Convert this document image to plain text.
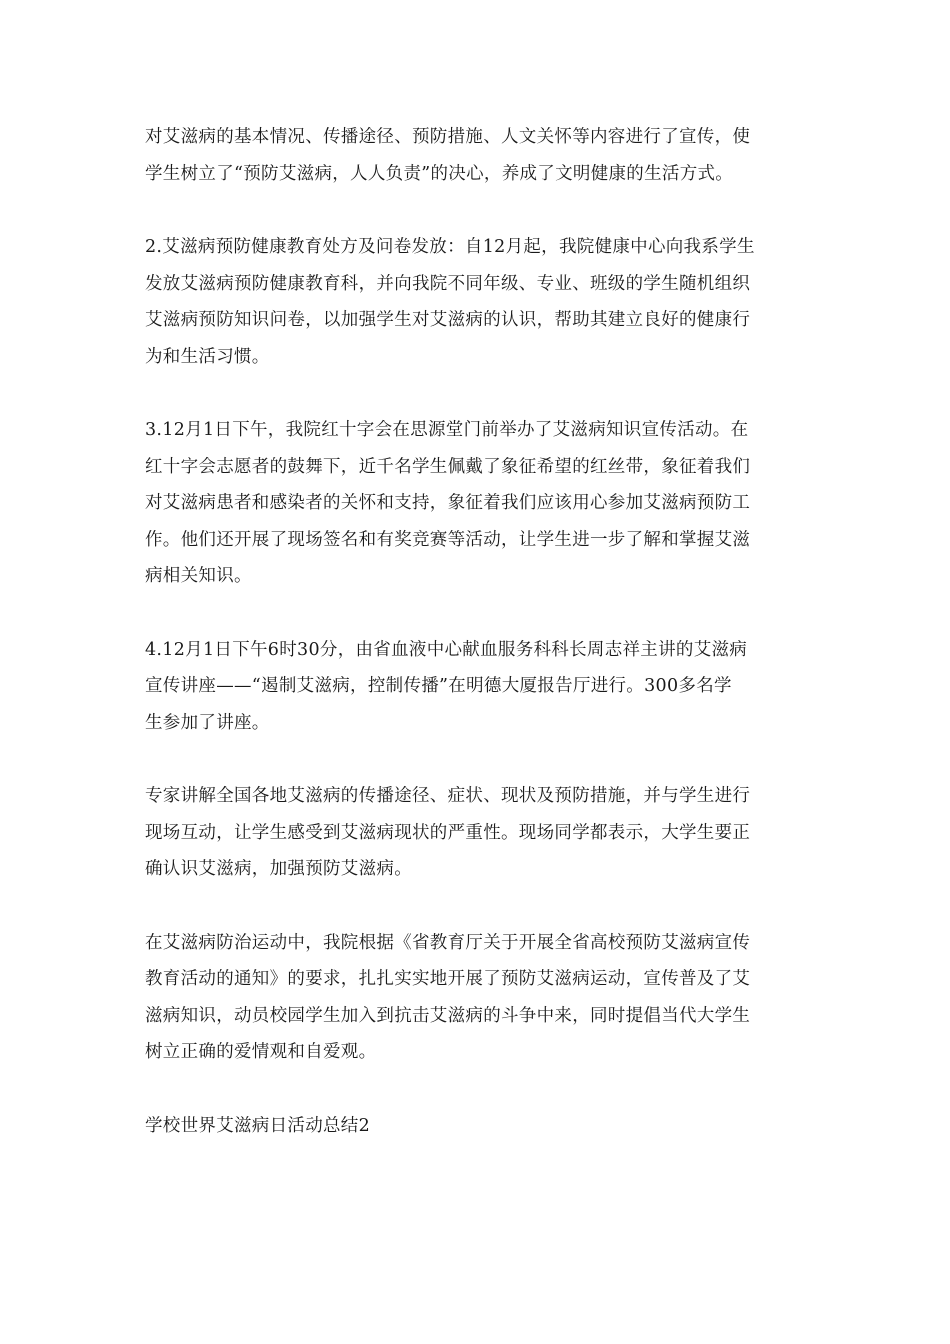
对艾滋病的基本情况、传播途径、预防措施、人文关怀等内容进行了宣传，使
学生树立了“预防艾滋病，人人负责”的决心，养成了文明健康的生活方式。

2.艾滋病预防健康教育处方及问卷发放：自12月起，我院健康中心向我系学生
发放艾滋病预防健康教育科，并向我院不同年级、专业、班级的学生随机组织
艾滋病预防知识问卷，以加强学生对艾滋病的认识，帮助其建立良好的健康行
为和生活习惯。

3.12月1日下午，我院红十字会在思源堂门前举办了艾滋病知识宣传活动。在
红十字会志愿者的鼓舞下，近千名学生佩戴了象征希望的红丝带，象征着我们
对艾滋病患者和感染者的关怀和支持，象征着我们应该用心参加艾滋病预防工
作。他们还开展了现场签名和有奖竞赛等活动，让学生进一步了解和掌握艾滋
病相关知识。

4.12月1日下午6时30分，由省血液中心献血服务科科长周志祥主讲的艾滋病
宣传讲座——“遏制艾滋病，控制传播”在明德大厦报告厅进行。300多名学
生参加了讲座。

专家讲解全国各地艾滋病的传播途径、症状、现状及预防措施，并与学生进行
现场互动，让学生感受到艾滋病现状的严重性。现场同学都表示，大学生要正
确认识艾滋病，加强预防艾滋病。

在艾滋病防治运动中，我院根据《省教育厅关于开展全省高校预防艾滋病宣传
教育活动的通知》的要求，扎扎实实地开展了预防艾滋病运动，宣传普及了艾
滋病知识，动员校园学生加入到抗击艾滋病的斗争中来，同时提倡当代大学生
树立正确的爱情观和自爱观。

学校世界艾滋病日活动总结2
